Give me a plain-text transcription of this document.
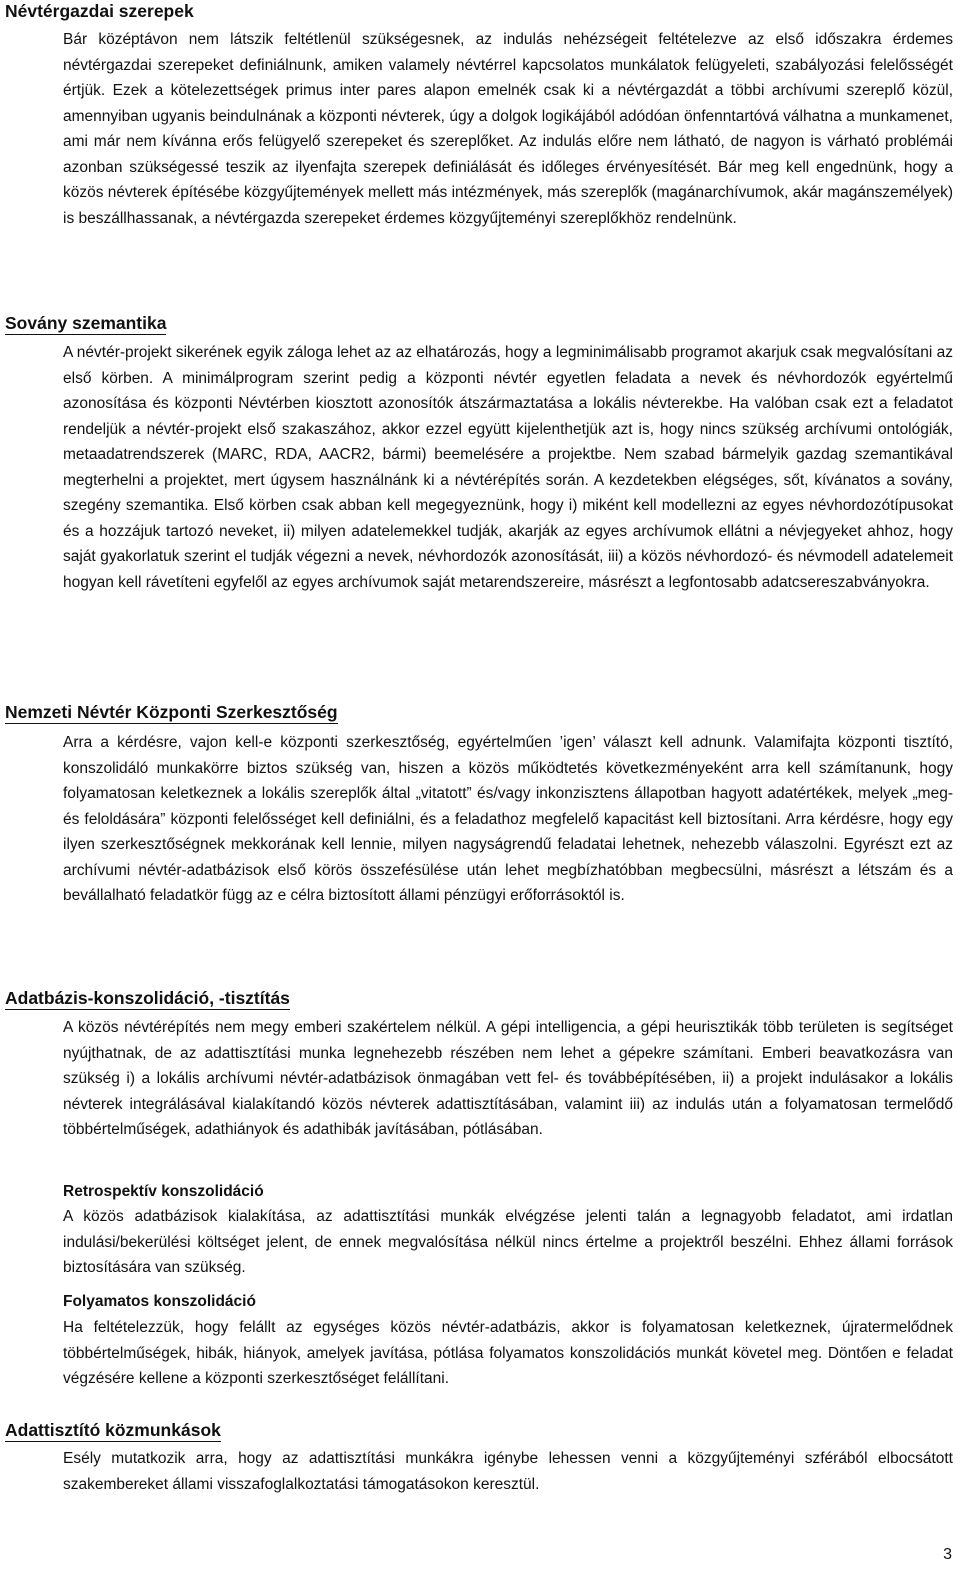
Névtérgazdai szerepek

Bár középtávon nem látszik feltétlenül szükségesnek, az indulás nehézségeit feltételezve az első időszakra érdemes névtérgazdai szerepeket definiálnunk, amiken valamely névtérrel kapcsolatos munkálatok felügyeleti, szabályozási felelősségét értjük. Ezek a kötelezettségek primus inter pares alapon emelnék csak ki a névtérgazdát a többi archívumi szereplő közül, amennyiban ugyanis beindulnának a központi névterek, úgy a dolgok logikájából adódóan önfenntartóvá válhatna a munkamenet, ami már nem kívánna erős felügyelő szerepeket és szereplőket. Az indulás előre nem látható, de nagyon is várható problémái azonban szükségessé teszik az ilyenfajta szerepek definiálását és időleges érvényesítését. Bár meg kell engednünk, hogy a közös névterek építésébe közgyűjtemények mellett más intézmények, más szereplők (magánarchívumok, akár magánszemélyek) is beszállhassanak, a névtérgazda szerepeket érdemes közgyűjteményi szereplőkhöz rendelnünk.

Sovány szemantika

A névtér-projekt sikerének egyik záloga lehet az az elhatározás, hogy a legminimálisabb programot akarjuk csak megvalósítani az első körben. A minimálprogram szerint pedig a központi névtér egyetlen feladata a nevek és névhordozók egyértelmű azonosítása és központi Névtérben kiosztott azonosítók átszármaztatása a lokális névterekbe. Ha valóban csak ezt a feladatot rendeljük a névtér-projekt első szakaszához, akkor ezzel együtt kijelenthetjük azt is, hogy nincs szükség archívumi ontológiák, metaadatrendszerek (MARC, RDA, AACR2, bármi) beemelésére a projektbe. Nem szabad bármelyik gazdag szemantikával megterhelni a projektet, mert úgysem használnánk ki a névtérépítés során. A kezdetekben elégséges, sőt, kívánatos a sovány, szegény szemantika. Első körben csak abban kell megegyeznünk, hogy i) miként kell modellezni az egyes névhordozótípusokat és a hozzájuk tartozó neveket, ii) milyen adatelemekkel tudják, akarják az egyes archívumok ellátni a névjegyeket ahhoz, hogy saját gyakorlatuk szerint el tudják végezni a nevek, névhordozók azonosítását, iii) a közös névhordozó- és névmodell adatelemeit hogyan kell rávetíteni egyfelől az egyes archívumok saját metarendszereire, másrészt a legfontosabb adatcsereszabványokra.

Nemzeti Névtér Központi Szerkesztőség

Arra a kérdésre, vajon kell-e központi szerkesztőség, egyértelműen ’igen’ választ kell adnunk. Valamifajta központi tisztító, konszolidáló munkakörre biztos szükség van, hiszen a közös működtetés következményeként arra kell számítanunk, hogy folyamatosan keletkeznek a lokális szereplők által „vitatott” és/vagy inkonzisztens állapotban hagyott adatértékek, melyek „meg- és feloldására” központi felelősséget kell definiálni, és a feladathoz megfelelő kapacitást kell biztosítani. Arra kérdésre, hogy egy ilyen szerkesztőségnek mekkorának kell lennie, milyen nagyságrendű feladatai lehetnek, nehezebb válaszolni. Egyrészt ezt az archívumi névtér-adatbázisok első körös összefésülése után lehet megbízhatóbban megbecsülni, másrészt a létszám és a bevállalható feladatkör függ az e célra biztosított állami pénzügyi erőforrásoktól is.

Adatbázis-konszolidáció, -tisztítás

A közös névtérépítés nem megy emberi szakértelem nélkül. A gépi intelligencia, a gépi heurisztikák több területen is segítséget nyújthatnak, de az adattisztítási munka legnehezebb részében nem lehet a gépekre számítani. Emberi beavatkozásra van szükség i) a lokális archívumi névtér-adatbázisok önmagában vett fel- és továbbépítésében, ii) a projekt indulásakor a lokális névterek integrálásával kialakítandó közös névterek adattisztításában, valamint iii) az indulás után a folyamatosan termelődő többértelműségek, adathiányok és adathibák javításában, pótlásában.

Retrospektív konszolidáció

A közös adatbázisok kialakítása, az adattisztítási munkák elvégzése jelenti talán a legnagyobb feladatot, ami irdatlan indulási/bekerülési költséget jelent, de ennek megvalósítása nélkül nincs értelme a projektről beszélni. Ehhez állami források biztosítására van szükség.

Folyamatos konszolidáció

Ha feltételezzük, hogy felállt az egységes közös névtér-adatbázis, akkor is folyamatosan keletkeznek, újratermelődnek többértelműségek, hibák, hiányok, amelyek javítása, pótlása folyamatos konszolidációs munkát követel meg. Döntően e feladat végzésére kellene a központi szerkesztőséget felállítani.

Adattisztító közmunkások

Esély mutatkozik arra, hogy az adattisztítási munkákra igénybe lehessen venni a közgyűjteményi szférából elbocsátott szakembereket állami visszafoglalkoztatási támogatásokon keresztül.

3
